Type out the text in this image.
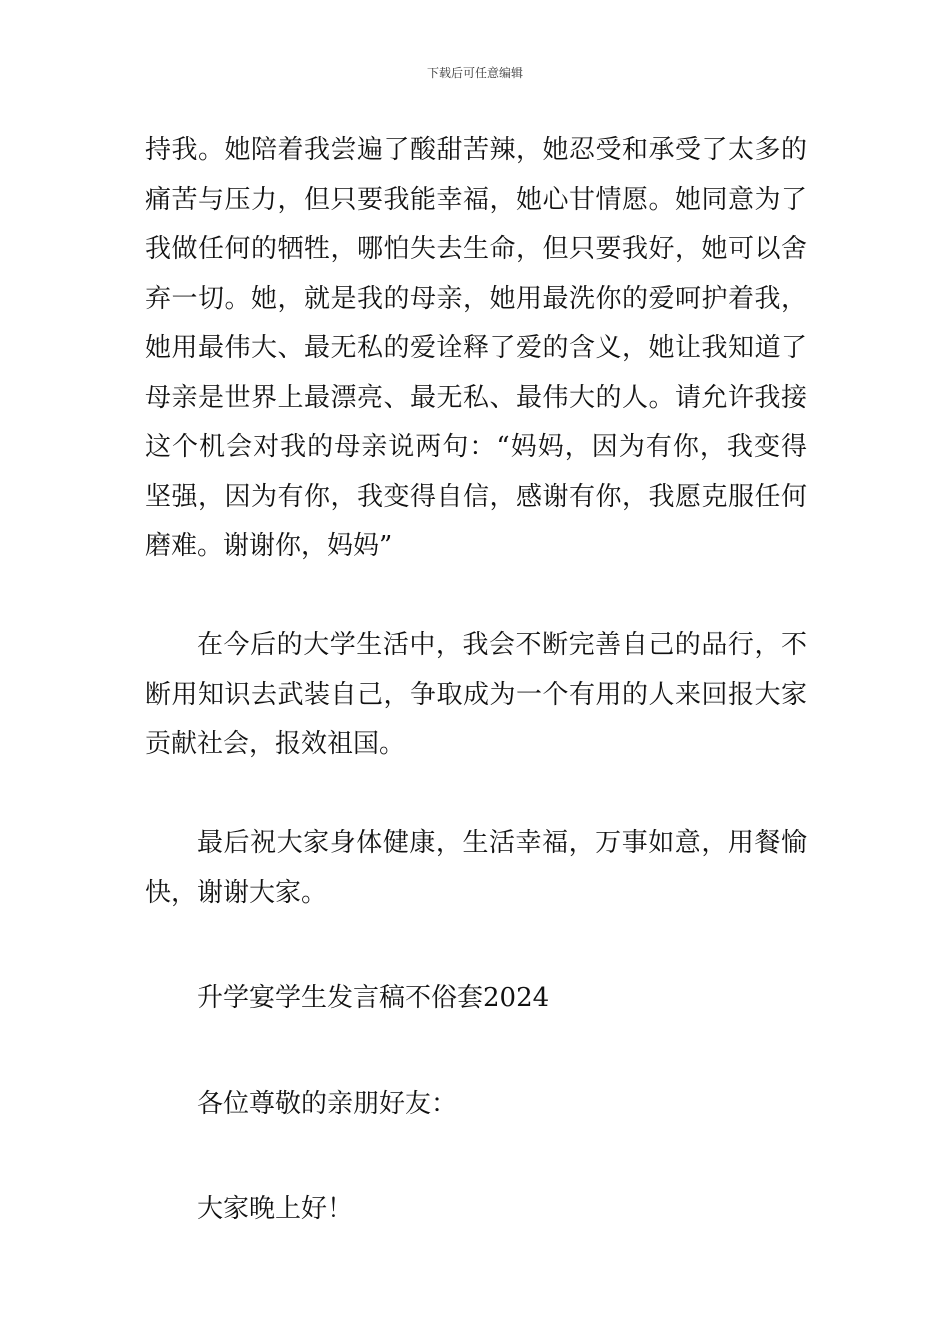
下载后可任意编辑

持我。她陪着我尝遍了酸甜苦辣，她忍受和承受了太多的痛苦与压力，但只要我能幸福，她心甘情愿。她同意为了我做任何的牺牲，哪怕失去生命，但只要我好，她可以舍弃一切。她，就是我的母亲，她用最洗你的爱呵护着我，她用最伟大、最无私的爱诠释了爱的含义，她让我知道了母亲是世界上最漂亮、最无私、最伟大的人。请允许我接这个机会对我的母亲说两句：“妈妈，因为有你，我变得坚强，因为有你，我变得自信，感谢有你，我愿克服任何磨难。谢谢你，妈妈”

在今后的大学生活中，我会不断完善自己的品行，不断用知识去武装自己，争取成为一个有用的人来回报大家贡献社会，报效祖国。

最后祝大家身体健康，生活幸福，万事如意，用餐愉快，谢谢大家。

升学宴学生发言稿不俗套2024

各位尊敬的亲朋好友：

大家晚上好！
